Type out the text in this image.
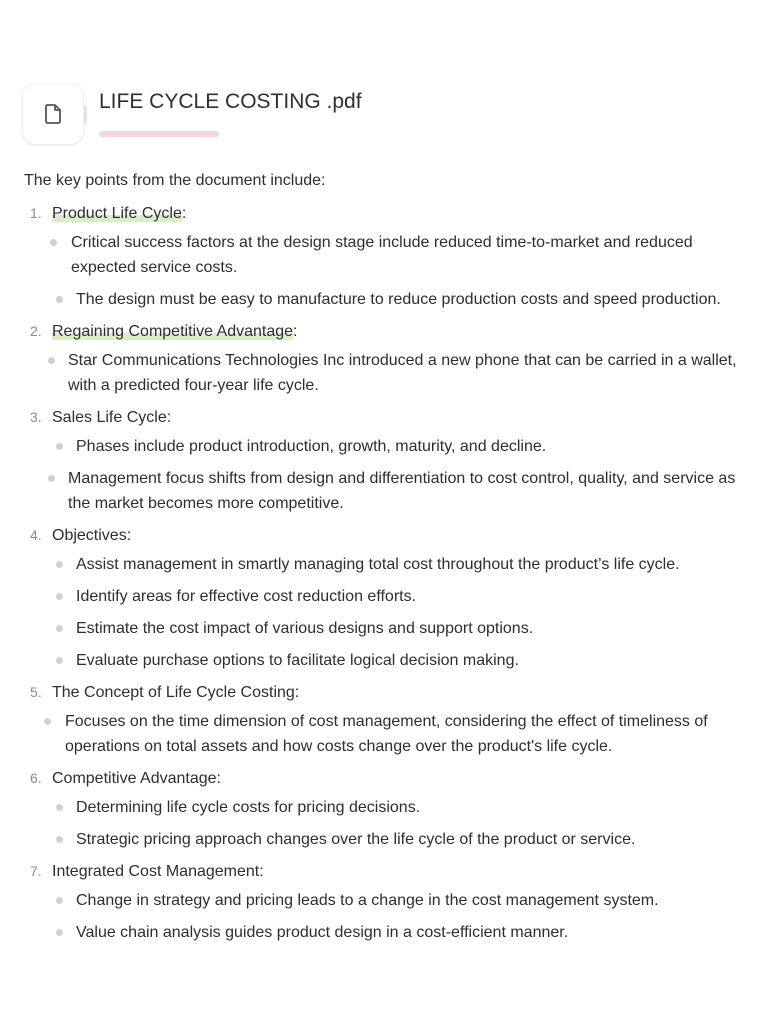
LIFE CYCLE COSTING .pdf

The key points from the document include:

1. Product Life Cycle:
Critical success factors at the design stage include reduced time-to-market and reduced expected service costs.
The design must be easy to manufacture to reduce production costs and speed production.
2. Regaining Competitive Advantage:
Star Communications Technologies Inc introduced a new phone that can be carried in a wallet, with a predicted four-year life cycle.
3. Sales Life Cycle:
Phases include product introduction, growth, maturity, and decline.
Management focus shifts from design and differentiation to cost control, quality, and service as the market becomes more competitive.
4. Objectives:
Assist management in smartly managing total cost throughout the product’s life cycle.
Identify areas for effective cost reduction efforts.
Estimate the cost impact of various designs and support options.
Evaluate purchase options to facilitate logical decision making.
5. The Concept of Life Cycle Costing:
Focuses on the time dimension of cost management, considering the effect of timeliness of operations on total assets and how costs change over the product's life cycle.
6. Competitive Advantage:
Determining life cycle costs for pricing decisions.
Strategic pricing approach changes over the life cycle of the product or service.
7. Integrated Cost Management:
Change in strategy and pricing leads to a change in the cost management system.
Value chain analysis guides product design in a cost-efficient manner.
